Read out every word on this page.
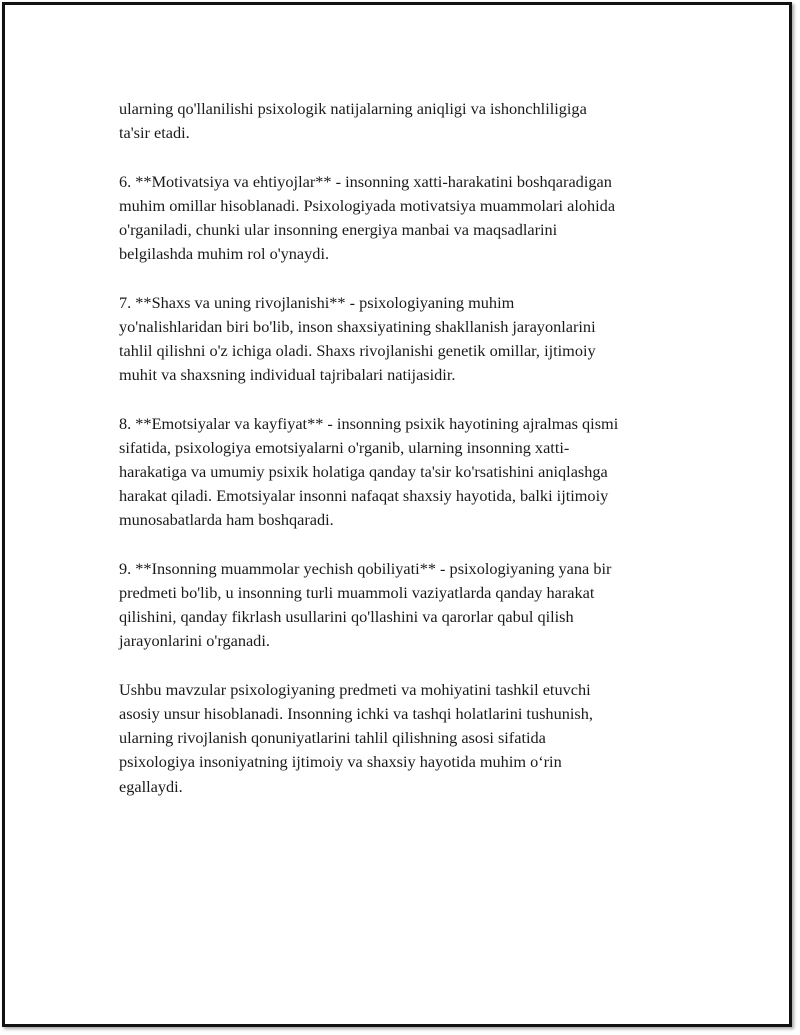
ularning qo'llanilishi psixologik natijalarning aniqligi va ishonchliligiga
ta'sir etadi.

6. **Motivatsiya va ehtiyojlar** - insonning xatti-harakatini boshqaradigan
muhim omillar hisoblanadi. Psixologiyada motivatsiya muammolari alohida
o'rganiladi, chunki ular insonning energiya manbai va maqsadlarini
belgilashda muhim rol o'ynaydi.

7. **Shaxs va uning rivojlanishi** - psixologiyaning muhim
yo'nalishlaridan biri bo'lib, inson shaxsiyatining shakllanish jarayonlarini
tahlil qilishni o'z ichiga oladi. Shaxs rivojlanishi genetik omillar, ijtimoiy
muhit va shaxsning individual tajribalari natijasidir.

8. **Emotsiyalar va kayfiyat** - insonning psixik hayotining ajralmas qismi
sifatida, psixologiya emotsiyalarni o'rganib, ularning insonning xatti-
harakatiga va umumiy psixik holatiga qanday ta'sir ko'rsatishini aniqlashga
harakat qiladi. Emotsiyalar insonni nafaqat shaxsiy hayotida, balki ijtimoiy
munosabatlarda ham boshqaradi.

9. **Insonning muammolar yechish qobiliyati** - psixologiyaning yana bir
predmeti bo'lib, u insonning turli muammoli vaziyatlarda qanday harakat
qilishini, qanday fikrlash usullarini qo'llashini va qarorlar qabul qilish
jarayonlarini o'rganadi.

Ushbu mavzular psixologiyaning predmeti va mohiyatini tashkil etuvchi
asosiy unsur hisoblanadi. Insonning ichki va tashqi holatlarini tushunish,
ularning rivojlanish qonuniyatlarini tahlil qilishning asosi sifatida
psixologiya insoniyatning ijtimoiy va shaxsiy hayotida muhim o‘rin
egallaydi.
